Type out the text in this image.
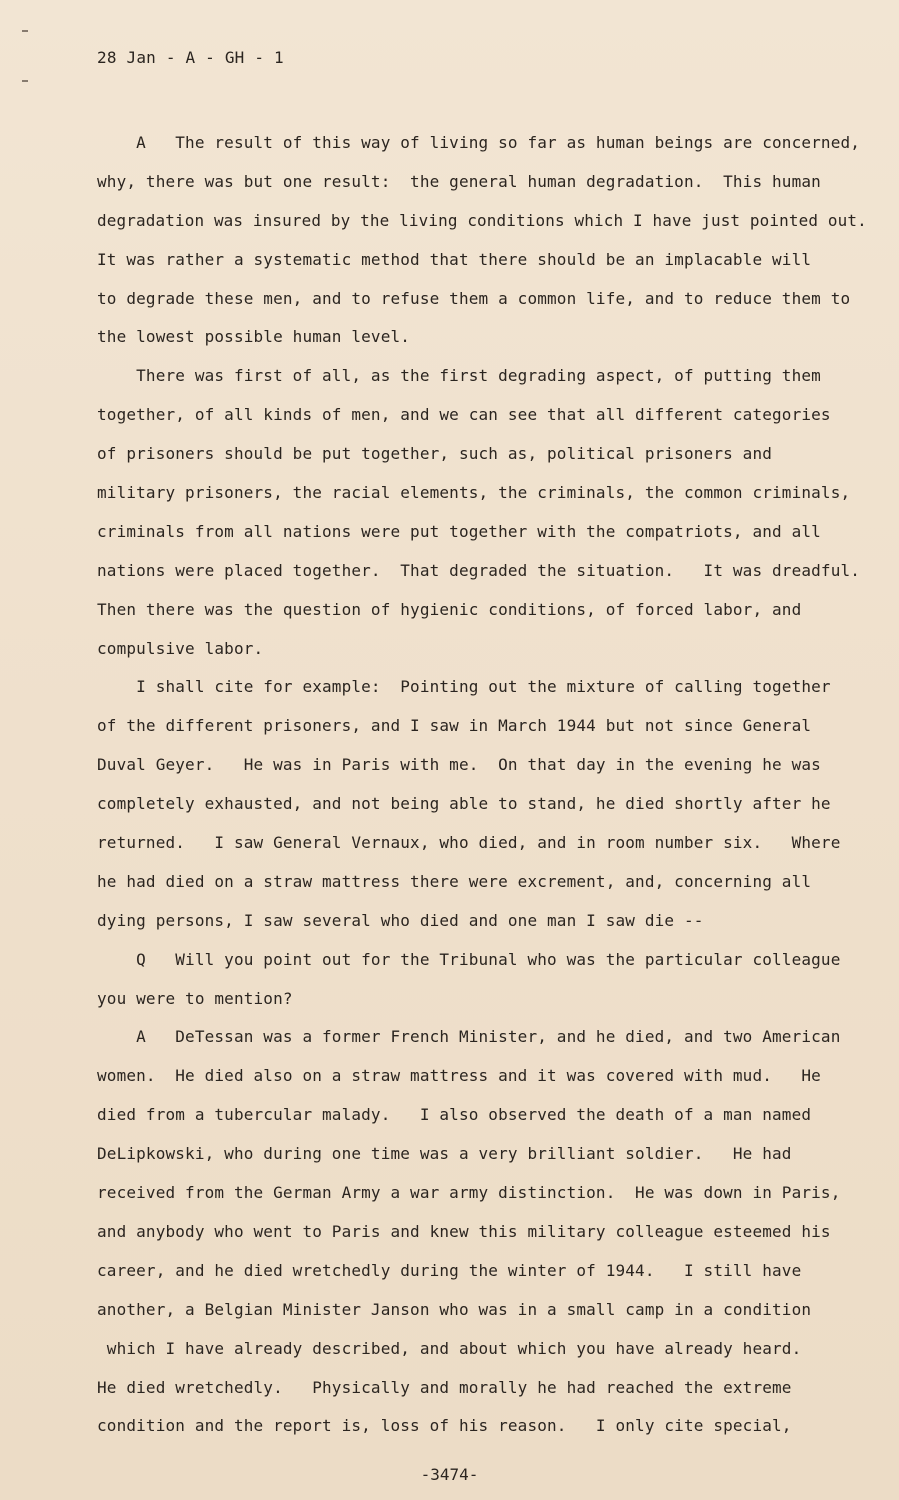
28 Jan - A - GH - 1
A   The result of this way of living so far as human beings are concerned,
why, there was but one result:  the general human degradation.  This human
degradation was insured by the living conditions which I have just pointed out.
It was rather a systematic method that there should be an implacable will
to degrade these men, and to refuse them a common life, and to reduce them to
the lowest possible human level.
There was first of all, as the first degrading aspect, of putting them
together, of all kinds of men, and we can see that all different categories
of prisoners should be put together, such as, political prisoners and
military prisoners, the racial elements, the criminals, the common criminals,
criminals from all nations were put together with the compatriots, and all
nations were placed together.  That degraded the situation.   It was dreadful.
Then there was the question of hygienic conditions, of forced labor, and
compulsive labor.
I shall cite for example:  Pointing out the mixture of calling together
of the different prisoners, and I saw in March 1944 but not since General
Duval Geyer.   He was in Paris with me.  On that day in the evening he was
completely exhausted, and not being able to stand, he died shortly after he
returned.   I saw General Vernaux, who died, and in room number six.   Where
he had died on a straw mattress there were excrement, and, concerning all
dying persons, I saw several who died and one man I saw die --
Q   Will you point out for the Tribunal who was the particular colleague
you were to mention?
A   DeTessan was a former French Minister, and he died, and two American
women.  He died also on a straw mattress and it was covered with mud.   He
died from a tubercular malady.   I also observed the death of a man named
DeLipkowski, who during one time was a very brilliant soldier.   He had
received from the German Army a war army distinction.  He was down in Paris,
and anybody who went to Paris and knew this military colleague esteemed his
career, and he died wretchedly during the winter of 1944.   I still have
another, a Belgian Minister Janson who was in a small camp in a condition
which I have already described, and about which you have already heard.
He died wretchedly.   Physically and morally he had reached the extreme
condition and the report is, loss of his reason.   I only cite special,
-3474-
